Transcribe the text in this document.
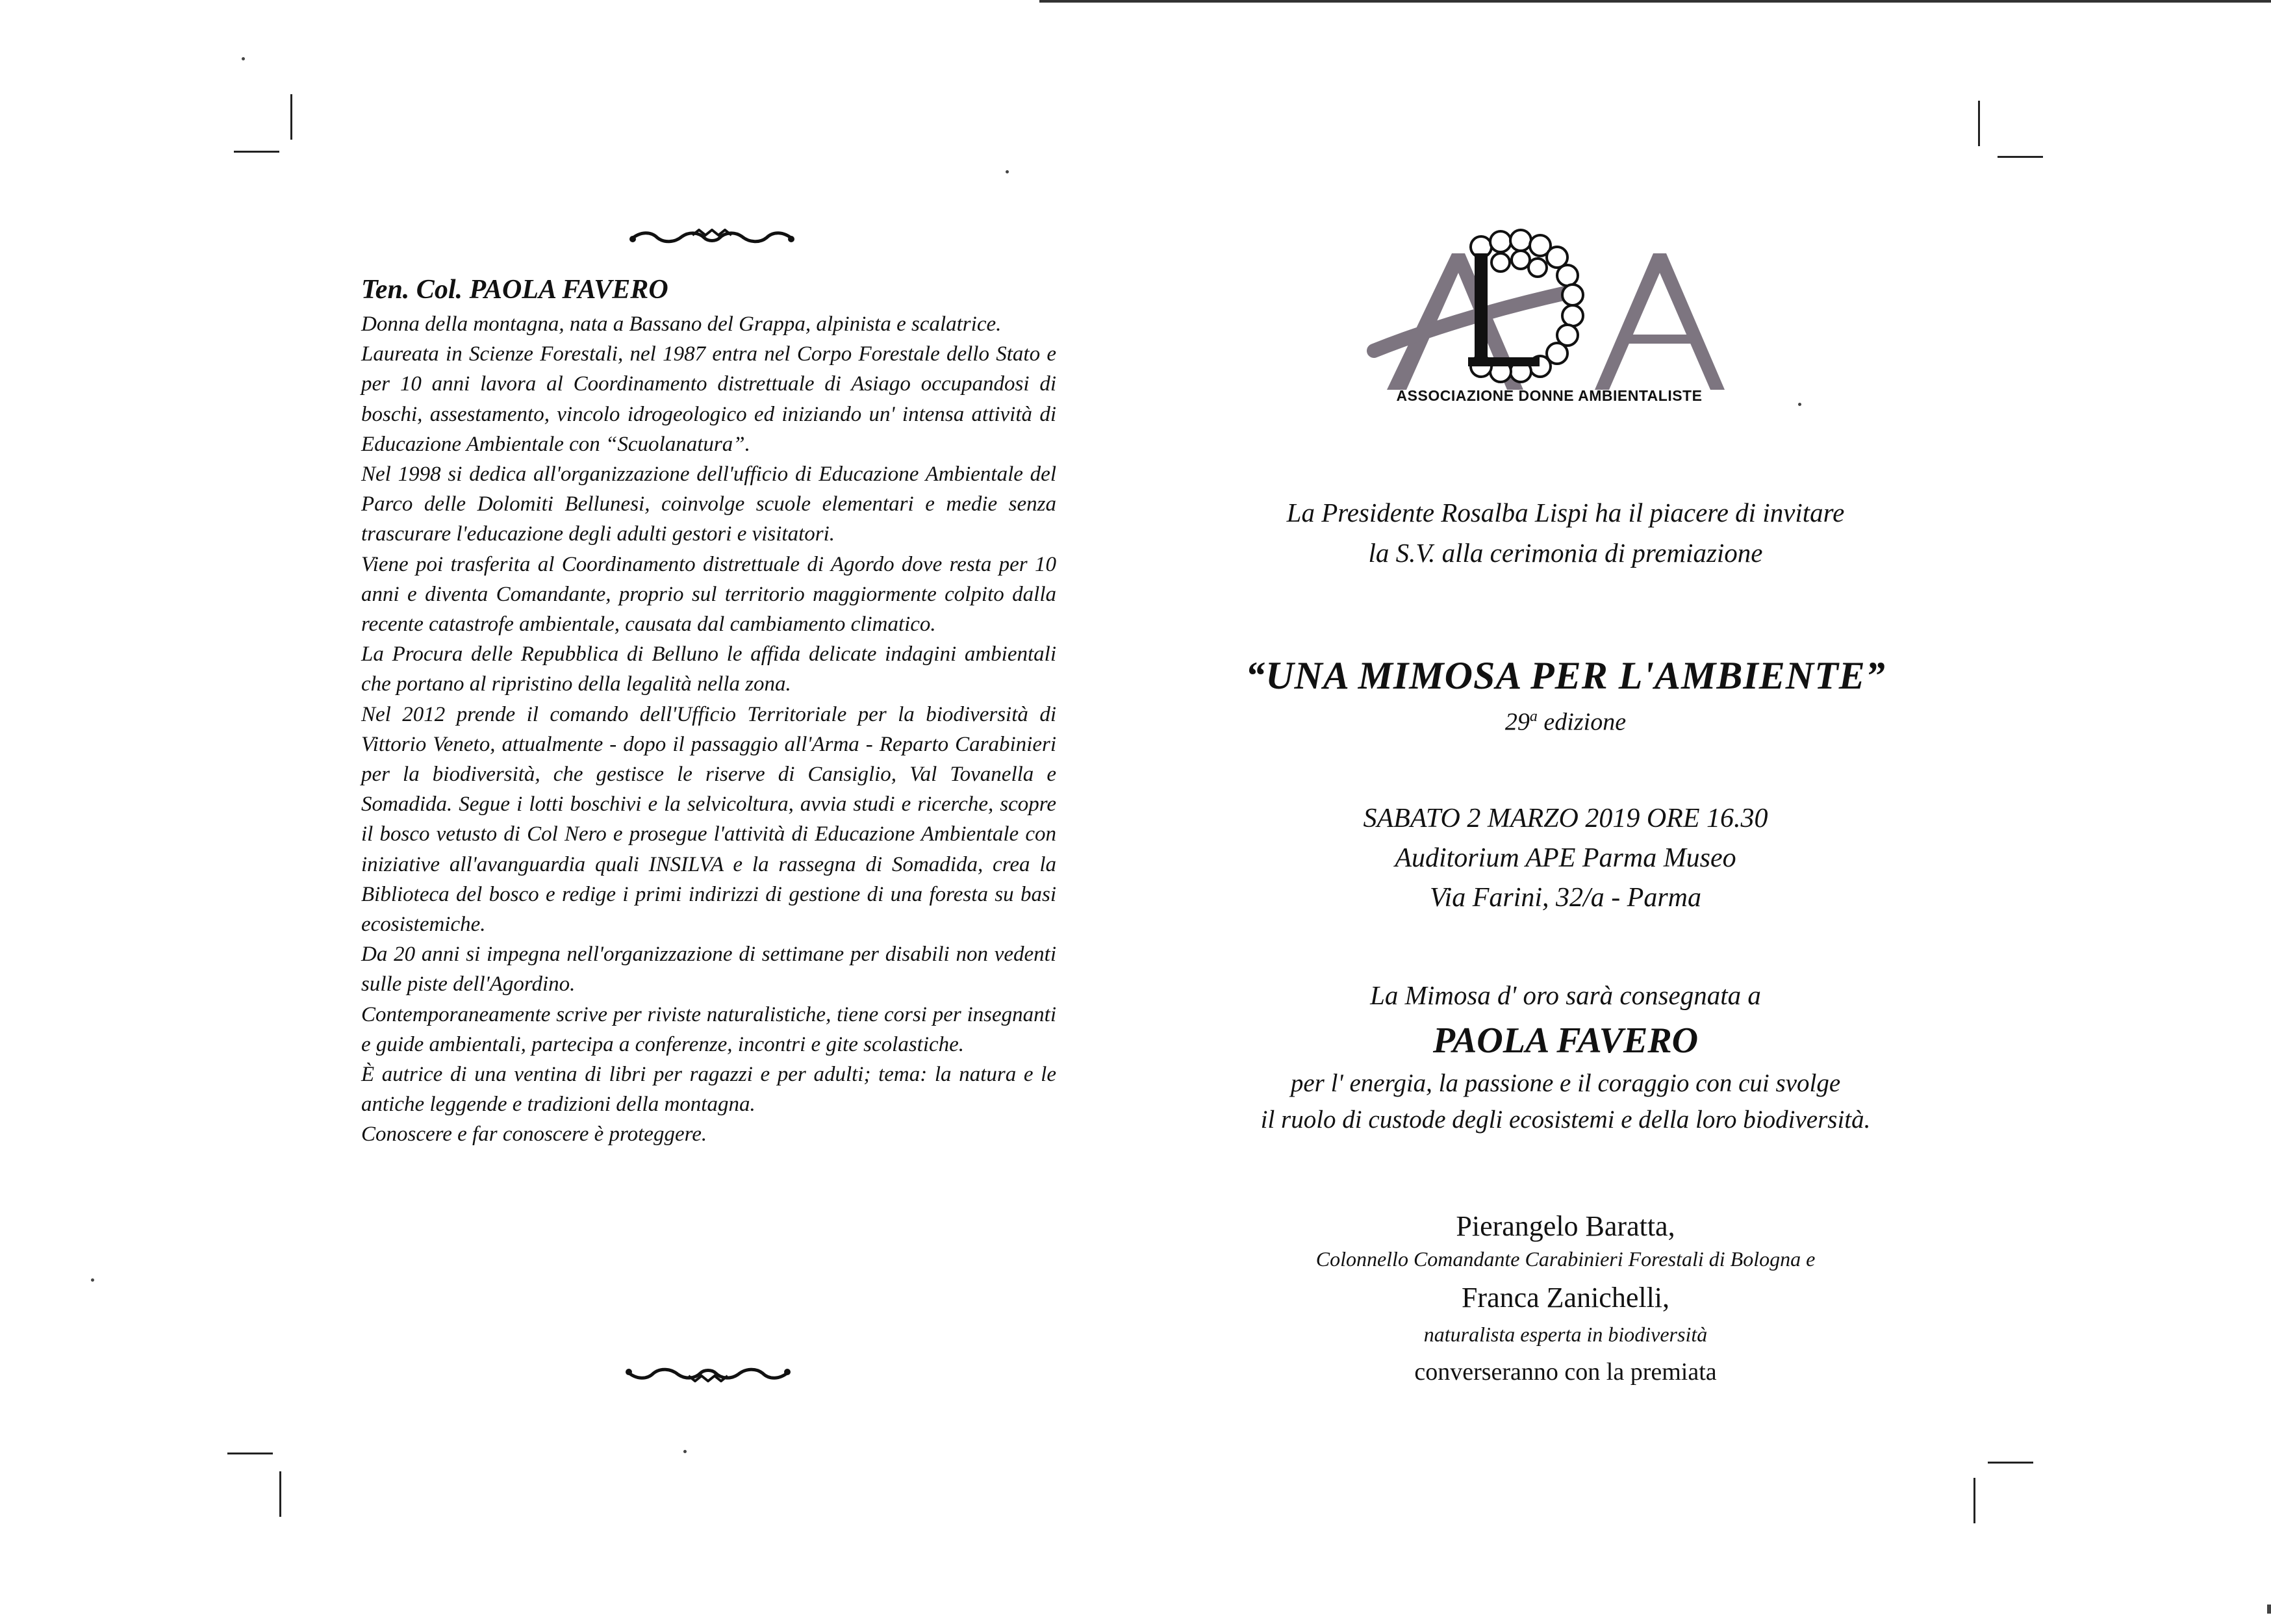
Ten. Col. PAOLA FAVERO

Donna della montagna, nata a Bassano del Grappa, alpinista e scalatrice.

Laureata in Scienze Forestali, nel 1987 entra nel Corpo Forestale dello Stato e per 10 anni lavora al Coordinamento distrettuale di Asiago occupandosi di boschi, assestamento, vincolo idrogeologico ed iniziando un' intensa attività di Educazione Ambientale con “Scuolanatura”.

Nel 1998 si dedica all'organizzazione dell'ufficio di Educazione Ambientale del Parco delle Dolomiti Bellunesi, coinvolge scuole elementari e medie senza trascurare l'educazione degli adulti gestori e visitatori.

Viene poi trasferita al Coordinamento distrettuale di Agordo dove resta per 10 anni e diventa Comandante, proprio sul territorio maggiormente colpito dalla recente catastrofe ambientale, causata dal cambiamento climatico.

La Procura delle Repubblica di Belluno le affida delicate indagini ambientali che portano al ripristino della legalità nella zona.

Nel 2012 prende il comando dell'Ufficio Territoriale per la biodiversità di Vittorio Veneto, attualmente - dopo il passaggio all'Arma - Reparto Carabinieri per la biodiversità, che gestisce le riserve di Cansiglio, Val Tovanella e Somadida. Segue i lotti boschivi e la selvicoltura, avvia studi e ricerche, scopre il bosco vetusto di Col Nero e prosegue l'attività di Educazione Ambientale con iniziative all'avanguardia quali INSILVA e la rassegna di Somadida, crea la Biblioteca del bosco e redige i primi indirizzi di gestione di una foresta su basi ecosistemiche.

Da 20 anni si impegna nell'organizzazione di settimane per disabili non vedenti sulle piste dell'Agordino.

Contemporaneamente scrive per riviste naturalistiche, tiene corsi per insegnanti e guide ambientali, partecipa a conferenze, incontri e gite scolastiche.

È autrice di una ventina di libri per ragazzi e per adulti; tema: la natura e le antiche leggende e tradizioni della montagna.

Conoscere e far conoscere è proteggere.

ASSOCIAZIONE DONNE AMBIENTALISTE
La Presidente Rosalba Lispi ha il piacere di invitare
la S.V. alla cerimonia di premiazione
“UNA MIMOSA PER L'AMBIENTE”
29$^a$ edizione
SABATO 2 MARZO 2019 ORE 16.30
Auditorium APE Parma Museo
Via Farini, 32/a - Parma
La Mimosa d' oro sarà consegnata a
PAOLA FAVERO
per l' energia, la passione e il coraggio con cui svolge
il ruolo di custode degli ecosistemi e della loro biodiversità.
Pierangelo Baratta,
Colonnello Comandante Carabinieri Forestali di Bologna e
Franca Zanichelli,
naturalista esperta in biodiversità
converseranno con la premiata
